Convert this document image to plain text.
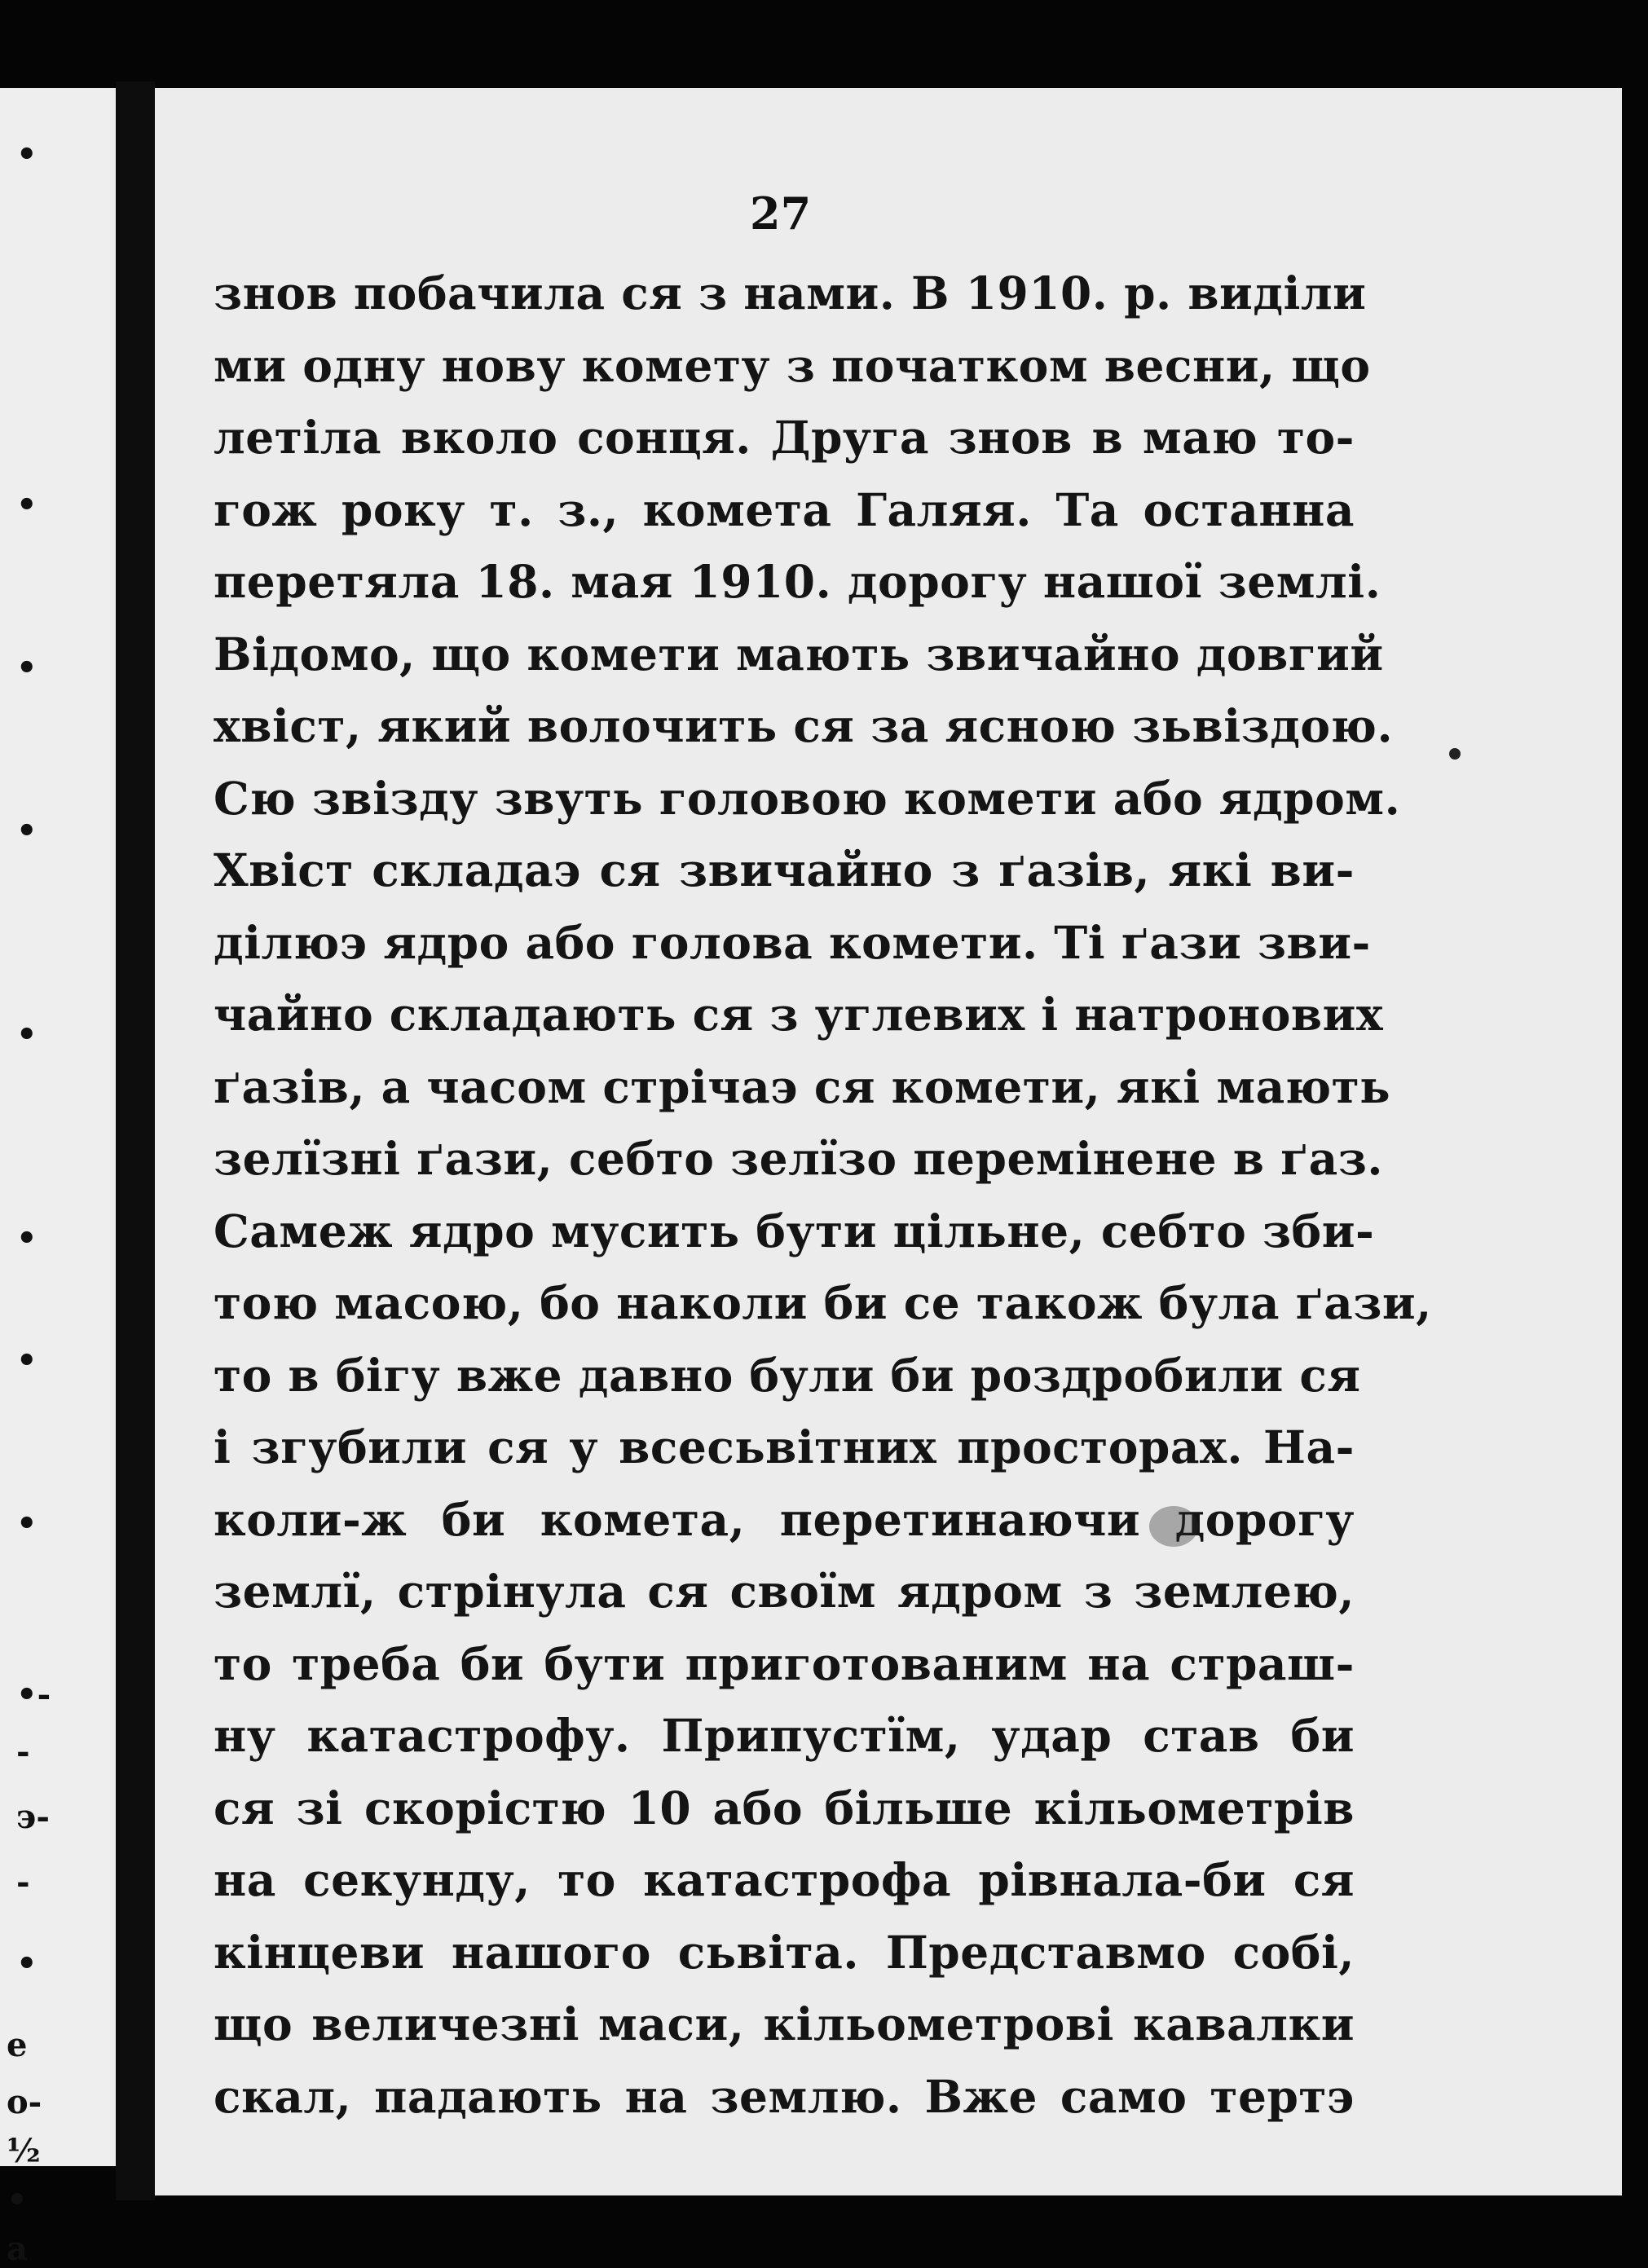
•
•
•
•
•
•
•
•
•-
-
э-
-
•
е
о-
½
•
а
27
знов побачила ся з нами. В 1910. р. виділи
ми одну нову комету з початком весни, що
летіла вколо сонця. Друга знов в маю то-
гож року т. з., комета Галяя. Та останна
перетяла 18. мая 1910. дорогу нашої землі.
Відомо, що комети мають звичайно довгий
хвіст, який волочить ся за ясною зьвіздою.
Сю звізду звуть головою комети або ядром.
Хвіст складаэ ся звичайно з ґазів, які ви-
ділюэ ядро або голова комети. Ті ґази зви-
чайно складають ся з углевих і натронових
ґазів, а часом стрічаэ ся комети, які мають
зелїзні ґази, себто зелїзо перемінене в ґаз.
Самеж ядро мусить бути цільне, себто зби-
тою масою, бо наколи би се також була ґази,
то в бігу вже давно були би роздробили ся
і згубили ся у всесьвітних просторах. На-
коли-ж би комета, перетинаючи дорогу
землї, стрінула ся своїм ядром з землею,
то треба би бути приготованим на страш-
ну катастрофу. Припустїм, удар став би
ся зі скорістю 10 або більше кільометрів
на секунду, то катастрофа рівнала-би ся
кінцеви нашого сьвіта. Представмо собі,
що величезні маси, кільометрові кавалки
скал, падають на землю. Вже само тертэ
